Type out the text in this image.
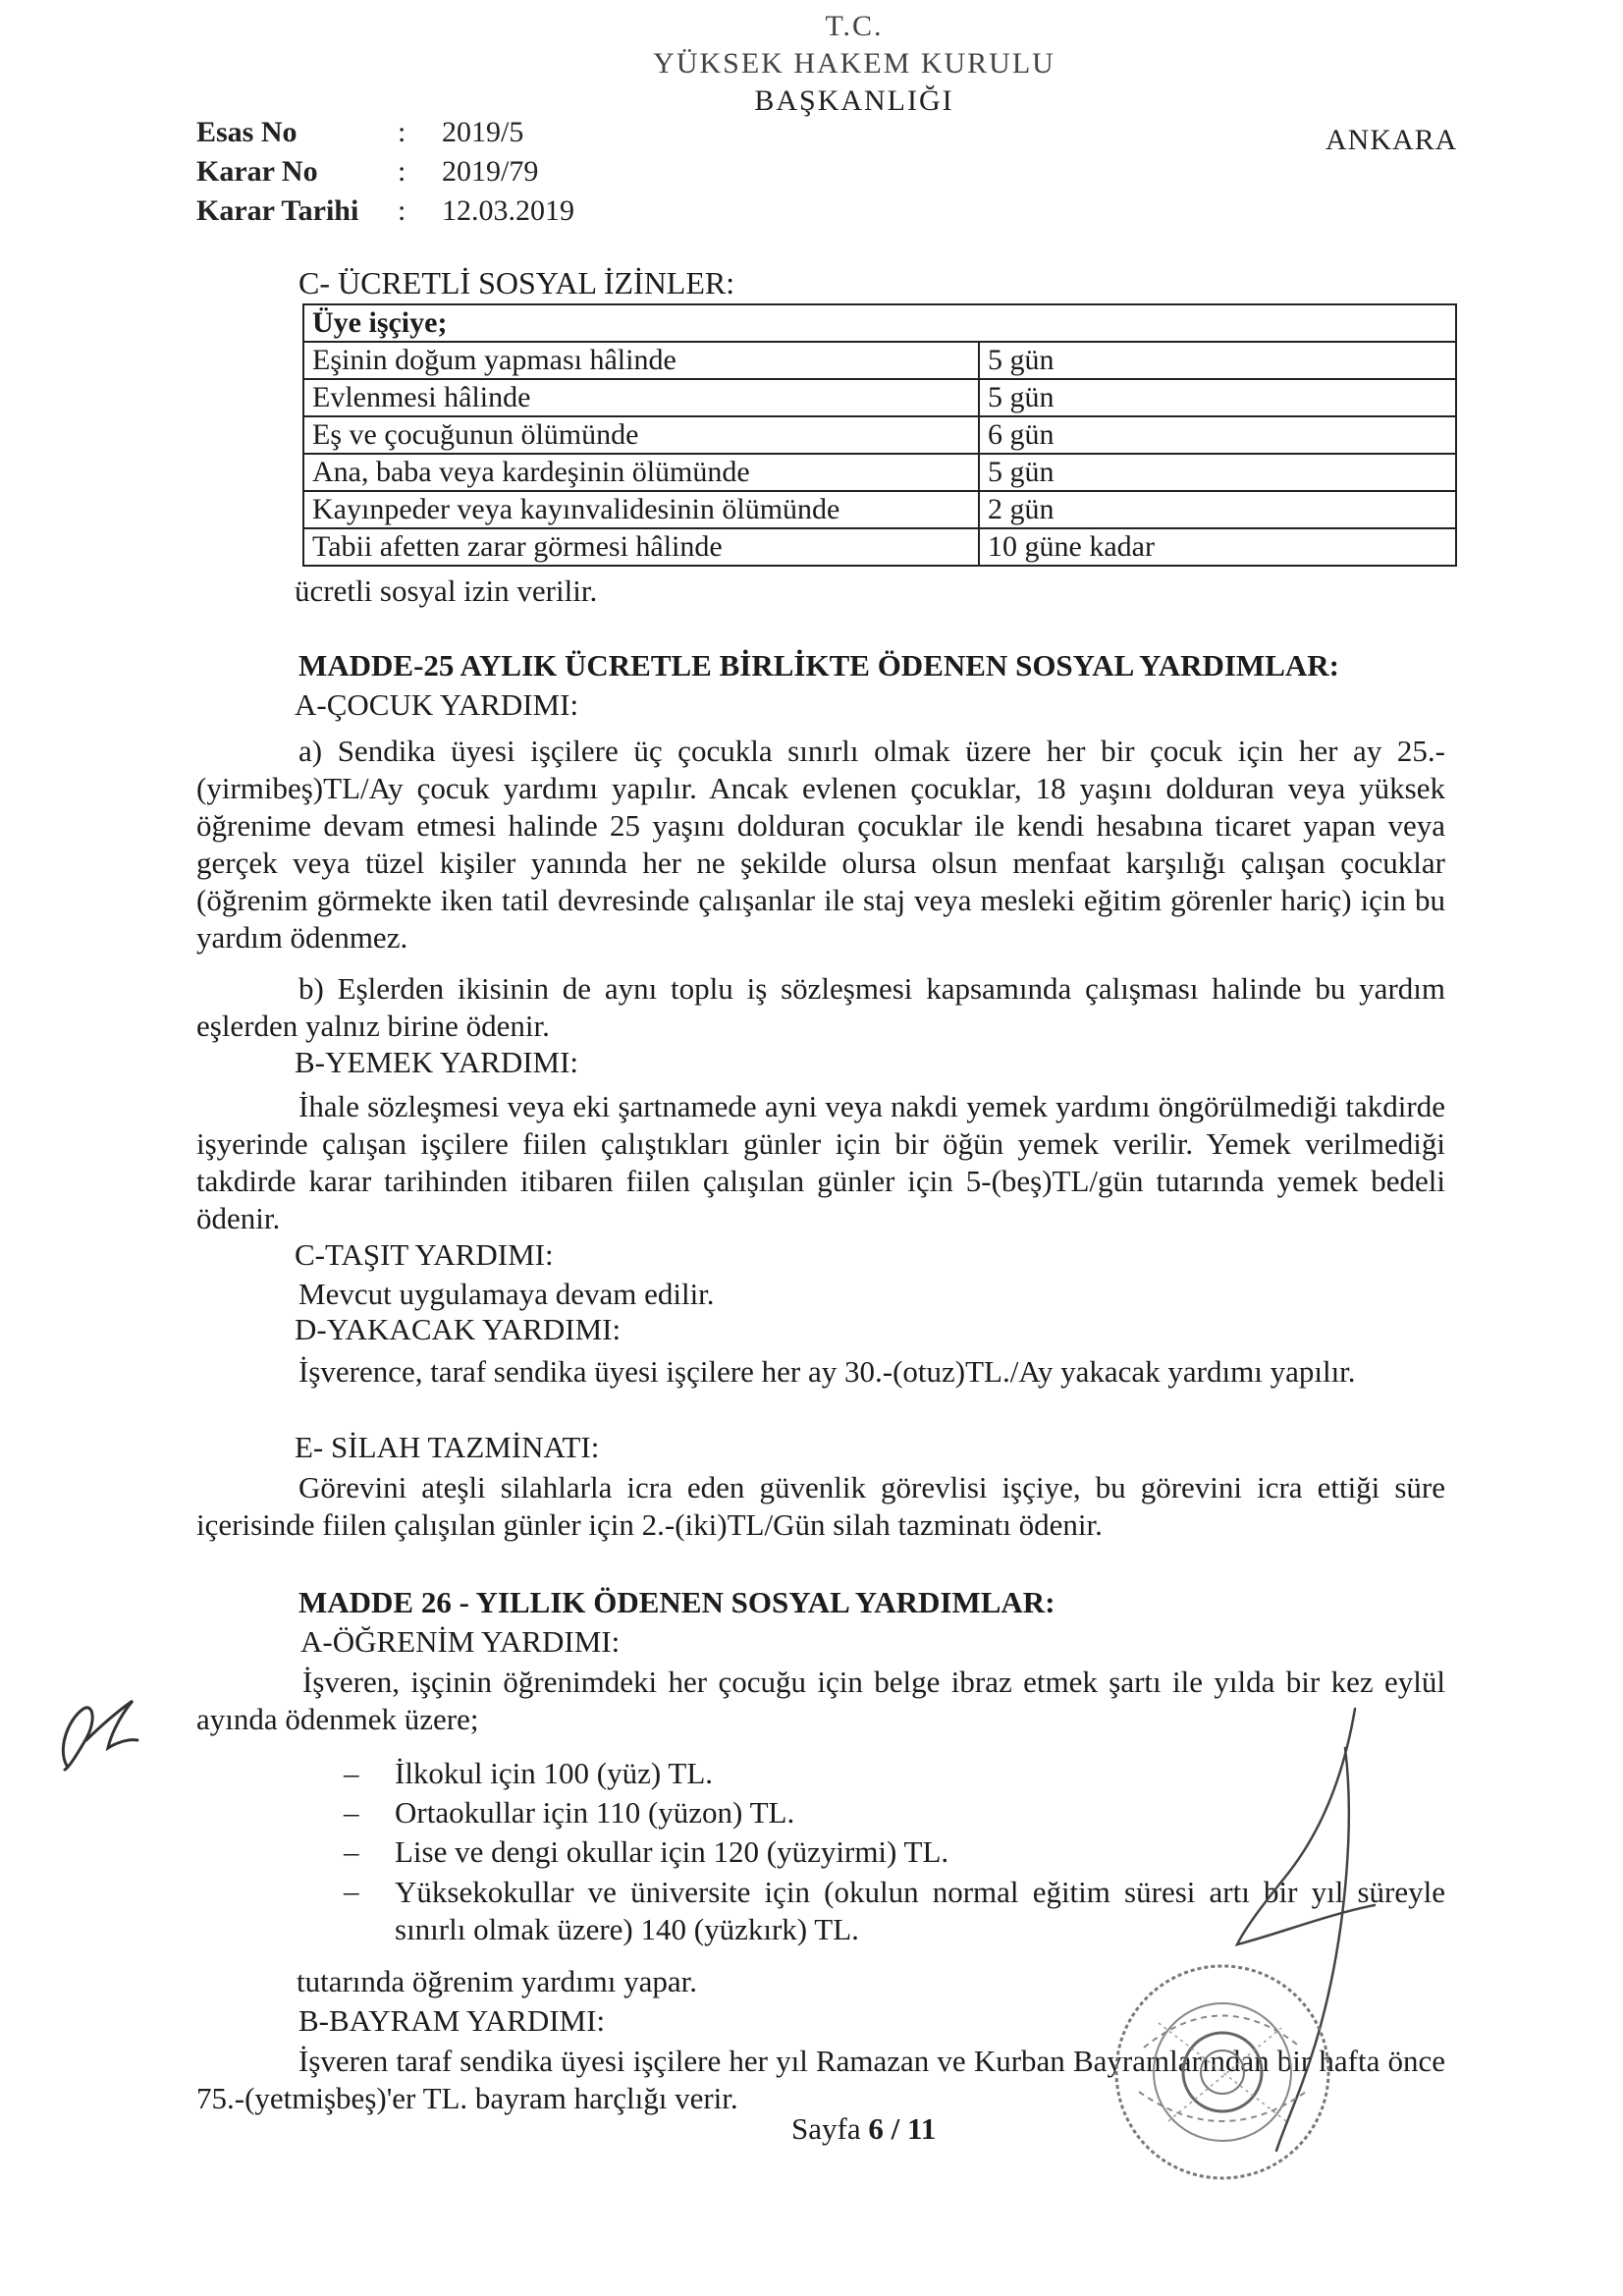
T.C.
YÜKSEK HAKEM KURULU
BAŞKANLIĞI
ANKARA
Esas No	: 2019/5
Karar No	: 2019/79
Karar Tarihi : 12.03.2019
C- ÜCRETLİ SOSYAL İZİNLER:
Üye işçiye;	
Eşinin doğum yapması hâlinde	5 gün
Evlenmesi hâlinde	5 gün
Eş ve çocuğunun ölümünde	6 gün
Ana, baba veya kardeşinin ölümünde	5 gün
Kayınpeder veya kayınvalidesinin ölümünde	2 gün
Tabii afetten zarar görmesi hâlinde	10 güne kadar
ücretli sosyal izin verilir.
MADDE-25 AYLIK ÜCRETLE BİRLİKTE ÖDENEN SOSYAL YARDIMLAR:
A-ÇOCUK YARDIMI:

a) Sendika üyesi işçilere üç çocukla sınırlı olmak üzere her bir çocuk için her ay 25.-(yirmibeş)TL/Ay çocuk yardımı yapılır. Ancak evlenen çocuklar, 18 yaşını dolduran veya yüksek öğrenime devam etmesi halinde 25 yaşını dolduran çocuklar ile kendi hesabına ticaret yapan veya gerçek veya tüzel kişiler yanında her ne şekilde olursa olsun menfaat karşılığı çalışan çocuklar (öğrenim görmekte iken tatil devresinde çalışanlar ile staj veya mesleki eğitim görenler hariç) için bu yardım ödenmez.

b) Eşlerden ikisinin de aynı toplu iş sözleşmesi kapsamında çalışması halinde bu yardım eşlerden yalnız birine ödenir.

B-YEMEK YARDIMI:

İhale sözleşmesi veya eki şartnamede ayni veya nakdi yemek yardımı öngörülmediği takdirde işyerinde çalışan işçilere fiilen çalıştıkları günler için bir öğün yemek verilir. Yemek verilmediği takdirde karar tarihinden itibaren fiilen çalışılan günler için 5-(beş)TL/gün tutarında yemek bedeli ödenir.

C-TAŞIT YARDIMI:
Mevcut uygulamaya devam edilir.
D-YAKACAK YARDIMI:

İşverence, taraf sendika üyesi işçilere her ay 30.-(otuz)TL./Ay yakacak yardımı yapılır.

E- SİLAH TAZMİNATI:

Görevini ateşli silahlarla icra eden güvenlik görevlisi işçiye, bu görevini icra ettiği süre içerisinde fiilen çalışılan günler için 2.-(iki)TL/Gün silah tazminatı ödenir.

MADDE 26 - YILLIK ÖDENEN SOSYAL YARDIMLAR:
A-ÖĞRENİM YARDIMI:

İşveren, işçinin öğrenimdeki her çocuğu için belge ibraz etmek şartı ile yılda bir kez eylül ayında ödenmek üzere;

– İlkokul için 100 (yüz) TL.
– Ortaokullar için 110 (yüzon) TL.
– Lise ve dengi okullar için 120 (yüzyirmi) TL.
– Yüksekokullar ve üniversite için (okulun normal eğitim süresi artı bir yıl süreyle sınırlı olmak üzere) 140 (yüzkırk) TL.

tutarında öğrenim yardımı yapar.
B-BAYRAM YARDIMI:

İşveren taraf sendika üyesi işçilere her yıl Ramazan ve Kurban Bayramlarından bir hafta önce 75.-(yetmişbeş)'er TL. bayram harçlığı verir.

Sayfa 6 / 11
